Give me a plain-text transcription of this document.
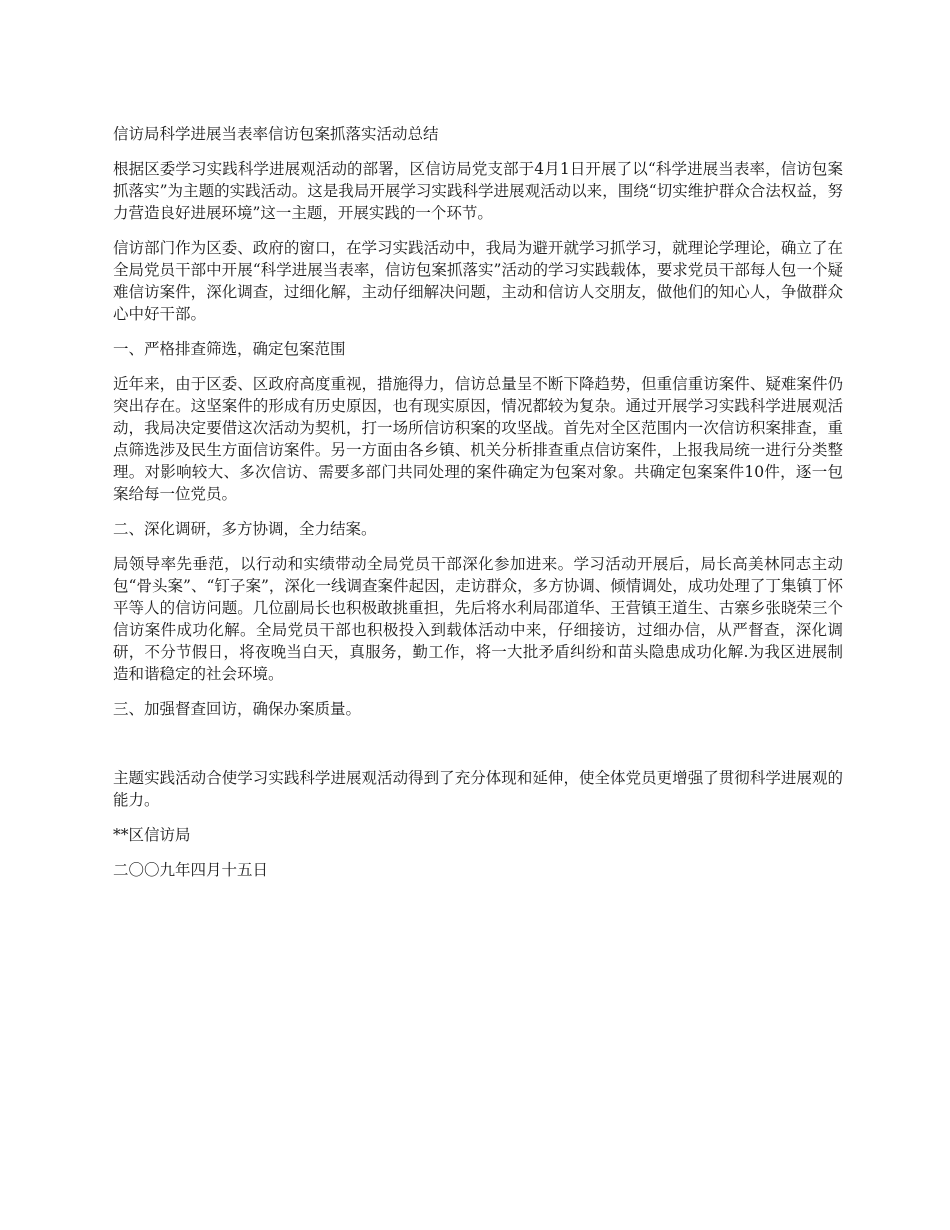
信访局科学进展当表率信访包案抓落实活动总结

根据区委学习实践科学进展观活动的部署，区信访局党支部于4月1日开展了以“科学进展当表率，信访包案抓落实”为主题的实践活动。这是我局开展学习实践科学进展观活动以来，围绕“切实维护群众合法权益，努力营造良好进展环境”这一主题，开展实践的一个环节。

信访部门作为区委、政府的窗口，在学习实践活动中，我局为避开就学习抓学习，就理论学理论，确立了在全局党员干部中开展“科学进展当表率，信访包案抓落实”活动的学习实践载体，要求党员干部每人包一个疑难信访案件，深化调查，过细化解，主动仔细解决问题，主动和信访人交朋友，做他们的知心人，争做群众心中好干部。

一、严格排查筛选，确定包案范围

近年来，由于区委、区政府高度重视，措施得力，信访总量呈不断下降趋势，但重信重访案件、疑难案件仍突出存在。这坚案件的形成有历史原因，也有现实原因，情况都较为复杂。通过开展学习实践科学进展观活动，我局决定要借这次活动为契机，打一场所信访积案的攻坚战。首先对全区范围内一次信访积案排查，重点筛选涉及民生方面信访案件。另一方面由各乡镇、机关分析排查重点信访案件，上报我局统一进行分类整理。对影响较大、多次信访、需要多部门共同处理的案件确定为包案对象。共确定包案案件10件，逐一包案给每一位党员。

二、深化调研，多方协调，全力结案。

局领导率先垂范，以行动和实绩带动全局党员干部深化参加进来。学习活动开展后，局长高美林同志主动包“骨头案”、“钉子案”，深化一线调查案件起因，走访群众，多方协调、倾情调处，成功处理了丁集镇丁怀平等人的信访问题。几位副局长也积极敢挑重担，先后将水利局邵道华、王营镇王道生、古寨乡张晓荣三个信访案件成功化解。全局党员干部也积极投入到载体活动中来，仔细接访，过细办信，从严督查，深化调研，不分节假日，将夜晚当白天，真服务，勤工作，将一大批矛盾纠纷和苗头隐患成功化解.为我区进展制造和谐稳定的社会环境。

三、加强督查回访，确保办案质量。

主题实践活动合使学习实践科学进展观活动得到了充分体现和延伸，使全体党员更增强了贯彻科学进展观的能力。

**区信访局

二〇〇九年四月十五日
